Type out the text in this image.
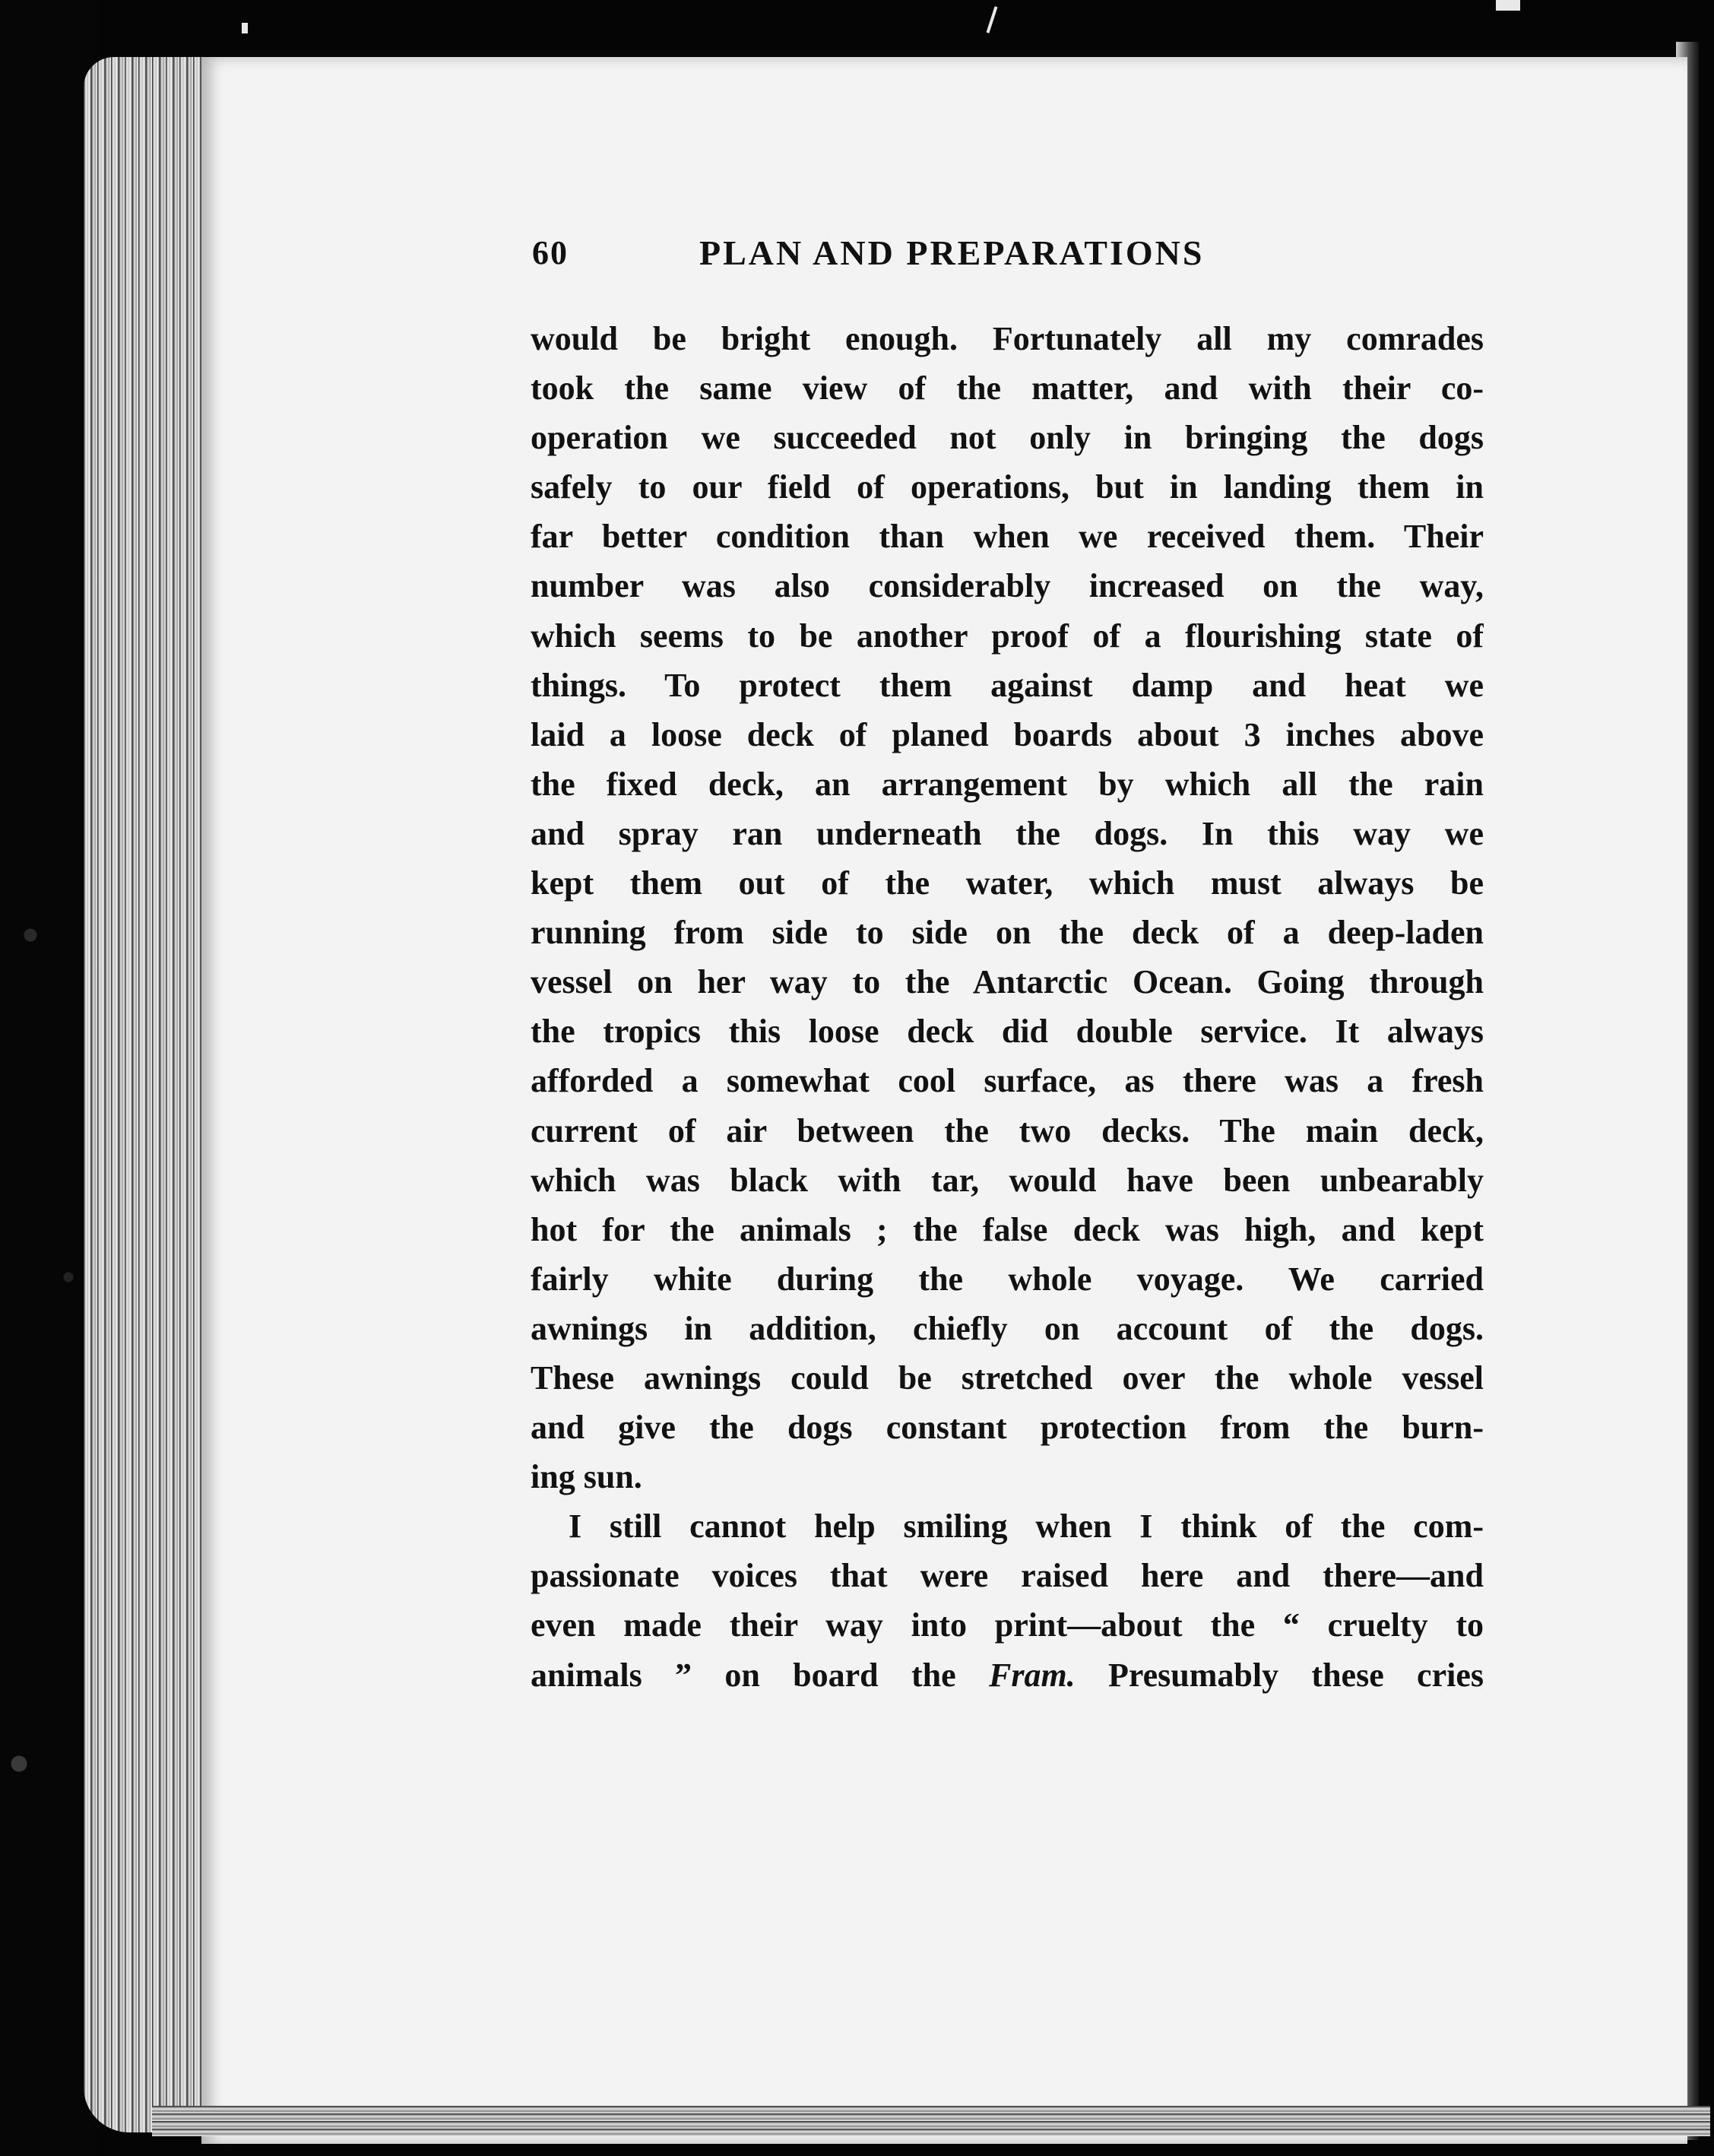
60	PLAN AND PREPARATIONS
would be bright enough. Fortunately all my comrades
took the same view of the matter, and with their co-
operation we succeeded not only in bringing the dogs
safely to our field of operations, but in landing them in
far better condition than when we received them. Their
number was also considerably increased on the way,
which seems to be another proof of a flourishing state of
things. To protect them against damp and heat we
laid a loose deck of planed boards about 3 inches above
the fixed deck, an arrangement by which all the rain
and spray ran underneath the dogs. In this way we
kept them out of the water, which must always be
running from side to side on the deck of a deep-laden
vessel on her way to the Antarctic Ocean. Going through
the tropics this loose deck did double service. It always
afforded a somewhat cool surface, as there was a fresh
current of air between the two decks. The main deck,
which was black with tar, would have been unbearably
hot for the animals ; the false deck was high, and kept
fairly white during the whole voyage. We carried
awnings in addition, chiefly on account of the dogs.
These awnings could be stretched over the whole vessel
and give the dogs constant protection from the burn-
ing sun.
I still cannot help smiling when I think of the com-
passionate voices that were raised here and there—and
even made their way into print—about the “ cruelty to
animals ” on board the Fram. Presumably these cries
